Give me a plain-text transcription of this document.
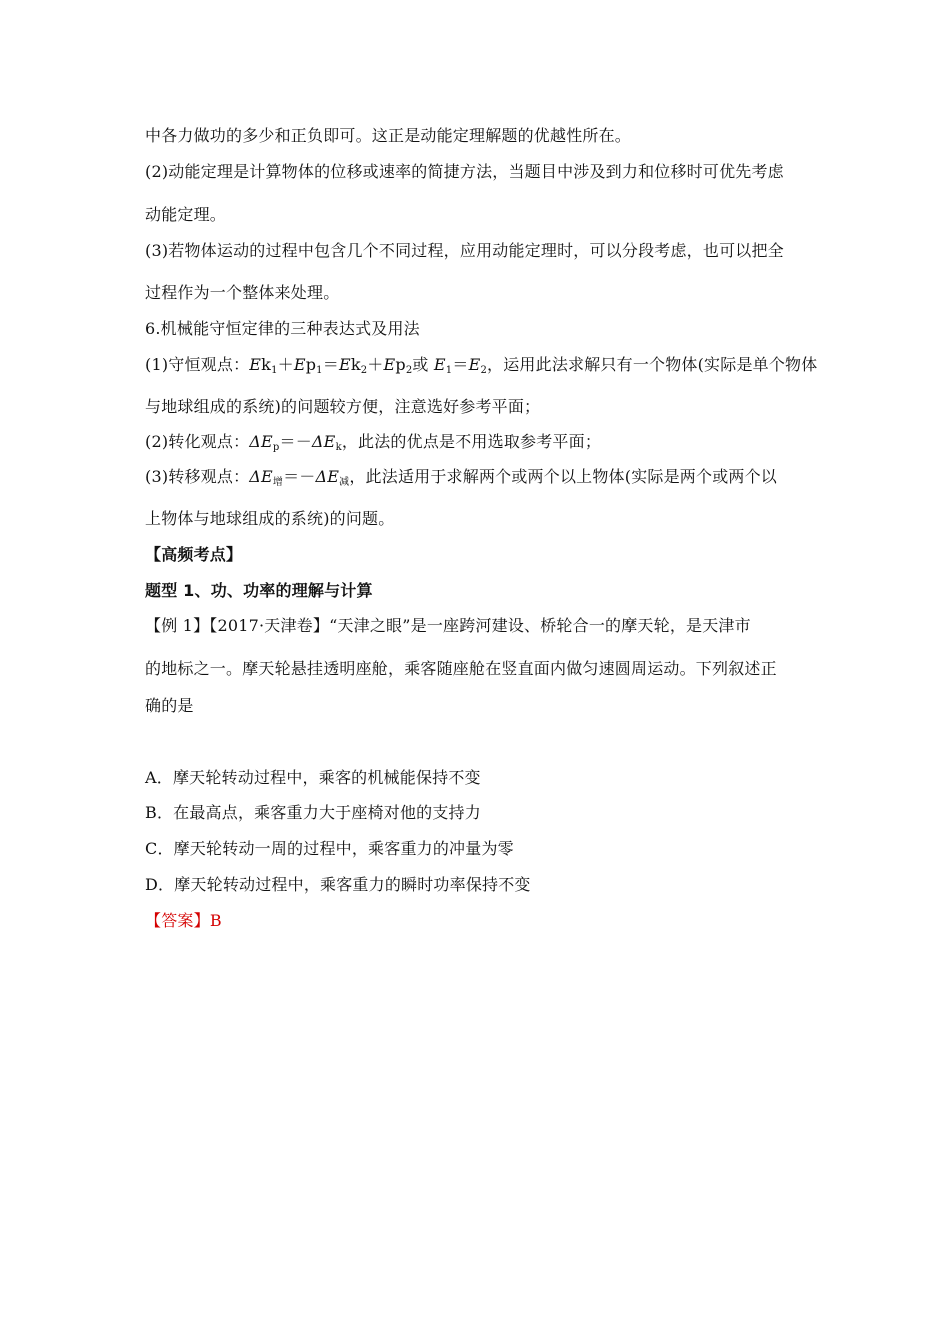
中各力做功的多少和正负即可。这正是动能定理解题的优越性所在。
(2)动能定理是计算物体的位移或速率的简捷方法，当题目中涉及到力和位移时可优先考虑
动能定理。
(3)若物体运动的过程中包含几个不同过程，应用动能定理时，可以分段考虑，也可以把全
过程作为一个整体来处理。
6.机械能守恒定律的三种表达式及用法
(1)守恒观点：$Ek_1+Ep_1=Ek_2+Ep_2$或 $E_1=E_2$，运用此法求解只有一个物体(实际是单个物体
与地球组成的系统)的问题较方便，注意选好参考平面；
(2)转化观点：$\Delta E_p=-\Delta E_k$，此法的优点是不用选取参考平面；
(3)转移观点：$\Delta E_增=-\Delta E_减$，此法适用于求解两个或两个以上物体(实际是两个或两个以
上物体与地球组成的系统)的问题。
【高频考点】
题型 1、功、功率的理解与计算
【例 1】【2017·天津卷】“天津之眼”是一座跨河建设、桥轮合一的摩天轮，是天津市
的地标之一。摩天轮悬挂透明座舱，乘客随座舱在竖直面内做匀速圆周运动。下列叙述正
确的是
A．摩天轮转动过程中，乘客的机械能保持不变
B．在最高点，乘客重力大于座椅对他的支持力
C．摩天轮转动一周的过程中，乘客重力的冲量为零
D．摩天轮转动过程中，乘客重力的瞬时功率保持不变
【答案】B
